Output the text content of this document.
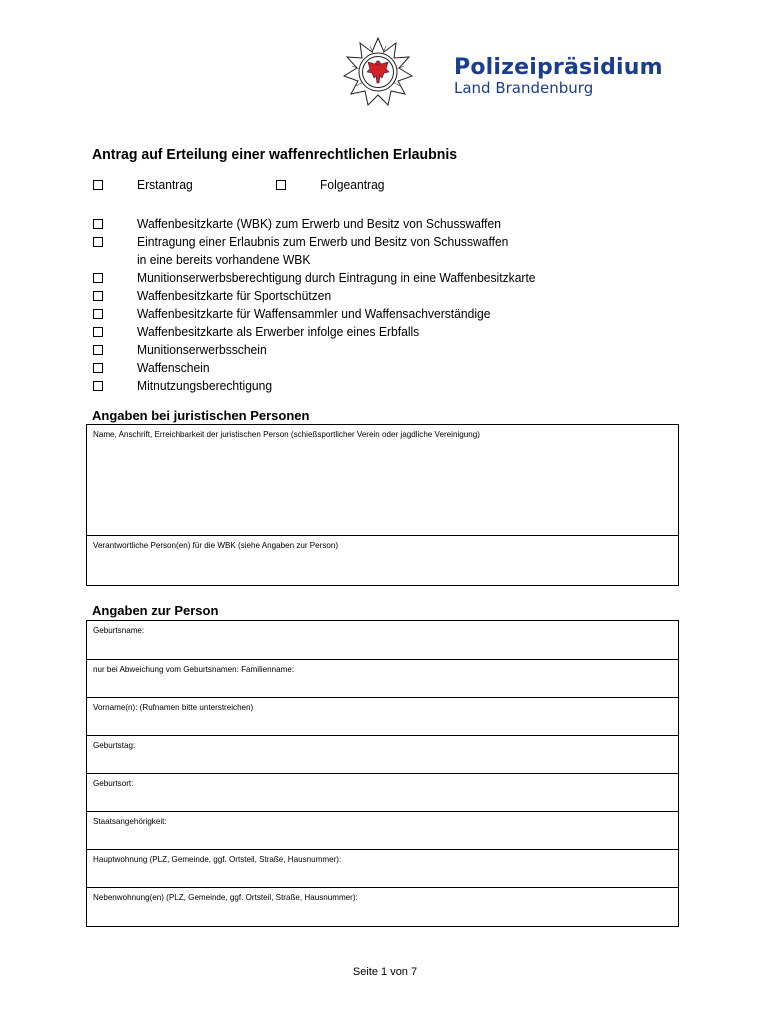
Polizeipräsidium
Land Brandenburg
Antrag auf Erteilung einer waffenrechtlichen Erlaubnis
Erstantrag	Folgeantrag
Waffenbesitzkarte (WBK) zum Erwerb und Besitz von Schusswaffen
Eintragung einer Erlaubnis zum Erwerb und Besitz von Schusswaffen
in eine bereits vorhandene WBK
Munitionserwerbsberechtigung durch Eintragung in eine Waffenbesitzkarte
Waffenbesitzkarte für Sportschützen
Waffenbesitzkarte für Waffensammler und Waffensachverständige
Waffenbesitzkarte als Erwerber infolge eines Erbfalls
Munitionserwerbsschein
Waffenschein
Mitnutzungsberechtigung
Angaben bei juristischen Personen
Name, Anschrift, Erreichbarkeit der juristischen Person (schießsportlicher Verein oder jagdliche Vereinigung)
Verantwortliche Person(en) für die WBK (siehe Angaben zur Person)
Angaben zur Person
Geburtsname:
nur bei Abweichung vom Geburtsnamen: Familienname:
Vorname(n): (Rufnamen bitte unterstreichen)
Geburtstag:
Geburtsort:
Staatsangehörigkeit:
Hauptwohnung (PLZ, Gemeinde, ggf. Ortsteil, Straße, Hausnummer):
Nebenwohnung(en) (PLZ, Gemeinde, ggf. Ortsteil, Straße, Hausnummer):
Seite 1 von 7
